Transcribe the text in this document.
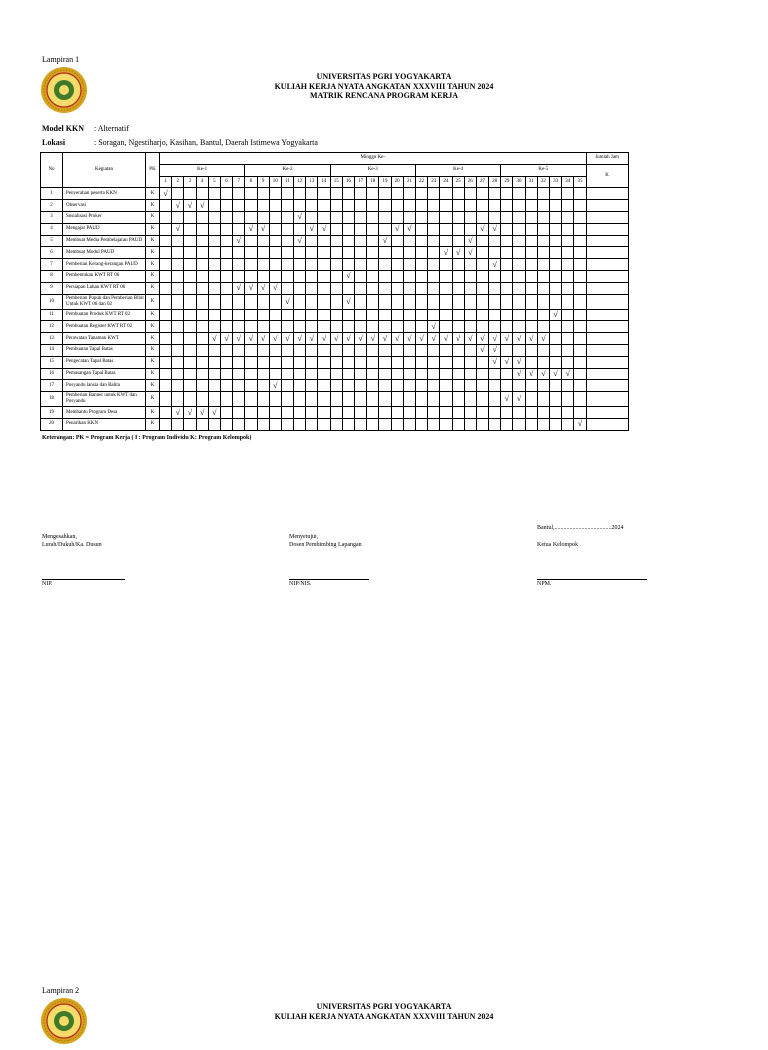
Lampiran 1
UNIVERSITAS PGRI YOGYAKARTA
KULIAH KERJA NYATA ANGKATAN XXXVIII TAHUN 2024
MATRIK RENCANA PROGRAM KERJA
Model KKN : Alternatif
Lokasi	: Soragan, Ngestiharjo, Kasihan, Bantul, Daerah Istimewa Yogyakarta
No	Kegiatan	PK	Minggu Ke-																																			Jumlah Jam
			Ke-1							Ke-2							Ke-3							Ke-4							Ke-5							K
			1	2	3	4	5	6	7	8	9	10	11	12	13	14	15	16	17	18	19	20	21	22	23	24	25	26	27	28	29	30	31	32	33	34	35	
1	Penyerahan peserta KKN	K	√																																			
2	Observasi	K		√	√	√																																
3	Sosialisasi Proker	K												√																								
4	Mengajar PAUD	K		√						√	√				√	√						√	√						√	√								
5	Membuat Media Pembelajaran PAUD	K							√					√							√							√										
6	Membuat Modul PAUD	K																								√	√	√										
7	Pemberian Kerang-kerangan PAUD	K																												√								
8	Pembentukan KWT RT 06	K																√																				
9	Persiapan Lahan KWT RT 06	K							√	√	√	√																										
10	Pemberian Pupuk dan Pemberian Bibit Untuk KWT 06 dan 02	K											√					√																				
11	Pembuatan Produk KWT RT 02	K																																	√			
12	Pembuatan Register KWT RT 02	K																							√													
13	Perawatan Tanaman KWT	K					√	√	√	√	√	√	√	√	√	√	√	√	√	√	√	√	√	√	√	√	√	√	√	√	√	√	√	√				
14	Pembuatan Tapal Batas	K																											√	√								
15	Pengecatan Tapal Batas	K																												√	√	√						
16	Pemasangan Tapal Batas	K																														√	√	√	√	√		
17	Posyandu lansia dan Balita	K										√																										
18	Pemberian Banner untuk KWT dan Posyandu	K																													√	√						
19	Membantu Program Desa	K		√	√	√	√																															
20	Penarikan KKN	K																																			√	
Keterangan: PK = Program Kerja ( I : Program Individu K: Program Kelompok)
Bantul,......................................2024
Mengesahkan,
Lurah/Dukuh/Ka. Dusun
Menyetujui,
Dosen Pembimbing Lapangan	Ketua Kelompok
NIP.	NIP/NIS.	NPM.
Lampiran 2
UNIVERSITAS PGRI YOGYAKARTA
KULIAH KERJA NYATA ANGKATAN XXXVIII TAHUN 2024
